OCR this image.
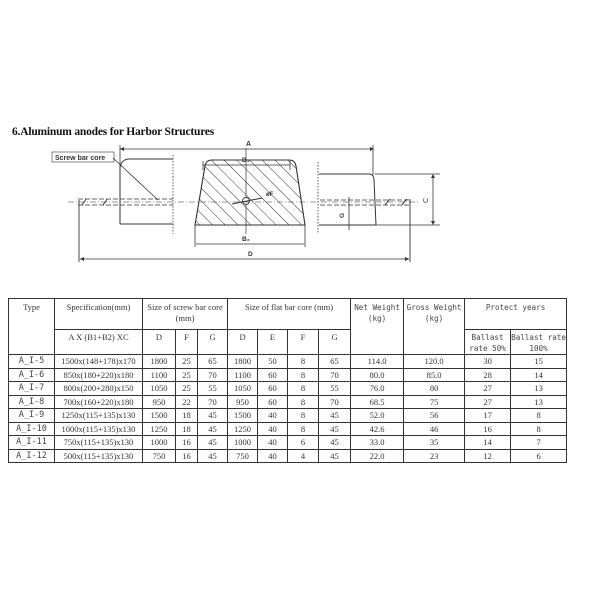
6.Aluminum anodes for Harbor Structures
A
Screw bar core
øF
B₁
B₂
G
C
D
Type	Specification(mm)	Size of screw bar core (mm)			Size of flat bar core (mm)				Net Weight (kg)	Gross Weight (kg)	Protect years	
	A X (B1+B2) XC	D	F	G	D	E	F	G			Ballast rate 50%	Ballast rate 100%
A_I-5	1500x(148+178)x170	1800	25	65	1800	50	8	65	114.0	120.0	30	15
A_I-6	850x(180+220)x180	1100	25	70	1100	60	8	70	80.0	85.0	28	14
A_I-7	800x(200+280)x150	1050	25	55	1050	60	8	55	76.0	80	27	13
A_I-8	700x(160+220)x180	950	22	70	950	60	8	70	68.5	75	27	13
A_I-9	1250x(115+135)x130	1500	18	45	1500	40	8	45	52.0	56	17	8
A_I-10	1000x(115+135)x130	1250	18	45	1250	40	8	45	42.6	46	16	8
A_I-11	750x(115+135)x130	1000	16	45	1000	40	6	45	33.0	35	14	7
A_I-12	500x(115+135)x130	750	16	45	750	40	4	45	22.0	23	12	6
